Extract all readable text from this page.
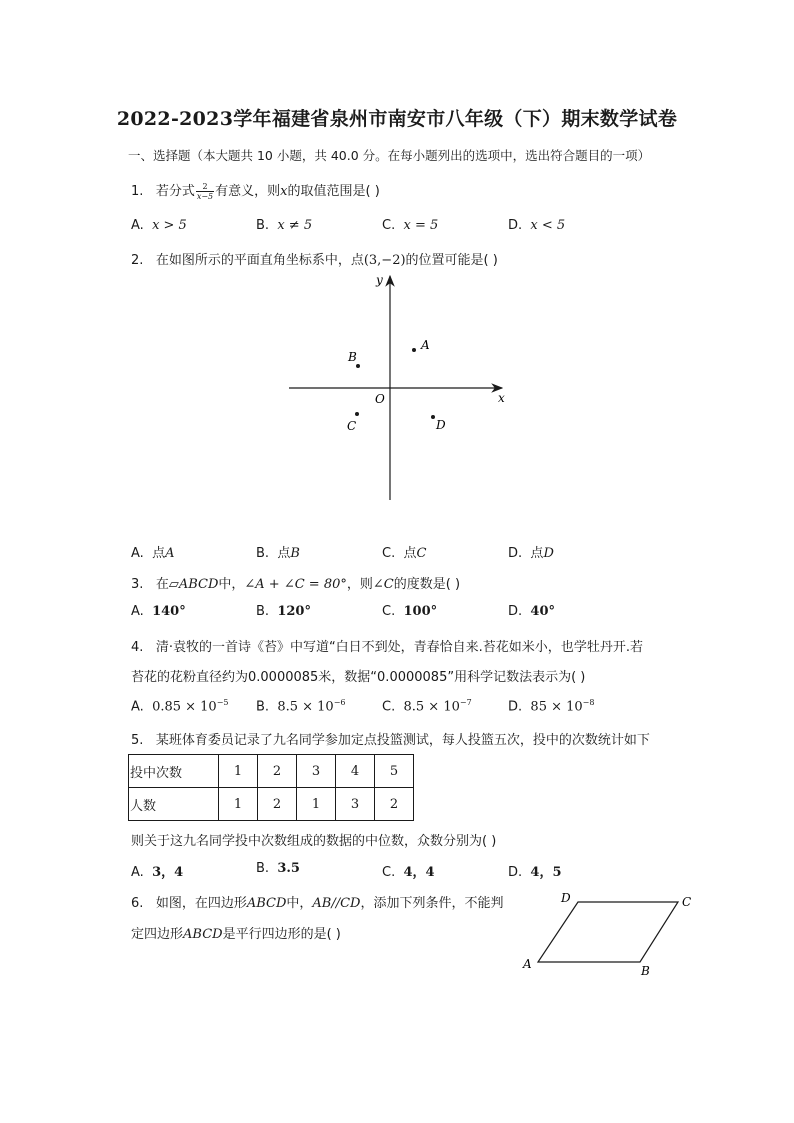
2022-2023学年福建省泉州市南安市八年级（下）期末数学试卷
一、选择题（本大题共 10 小题，共 40.0 分。在每小题列出的选项中，选出符合题目的一项）
1. 若分式 $\frac{2}{x-5}$ 有意义，则x的取值范围是( )
A. x > 5	B. x ≠ 5	C. x = 5	D. x < 5
2. 在如图所示的平面直角坐标系中，点(3,−2)的位置可能是( )
x
y
O
A
B
C	D
A. 点A	B. 点B	C. 点C	D. 点D
3. 在▱ABCD中，∠A + ∠C = 80°，则∠C的度数是( )
A. 140°	B. 120°	C. 100°	D. 40°
4. 清·袁牧的一首诗《苔》中写道“白日不到处，青春恰自来.苔花如米小，也学牡丹开.若
苔花的花粉直径约为0.0000085米，数据“0.0000085”用科学记数法表示为( )
A. $0.85 \times 10^{-5}$ B. $8.5 \times 10^{-6}$	C. $8.5 \times 10^{-7}$	D. $85 \times 10^{-8}$
5. 某班体育委员记录了九名同学参加定点投篮测试，每人投篮五次，投中的次数统计如下
投中次数	1	2	3	4	5
人数	1	2	1	3	2
则关于这九名同学投中次数组成的数据的中位数，众数分别为( )
A. 3，4	B. 3.5	C. 4，4	D. 4，5
6. 如图，在四边形ABCD中，AB//CD，添加下列条件，不能判
定四边形ABCD是平行四边形的是( )
A	B
C
D
